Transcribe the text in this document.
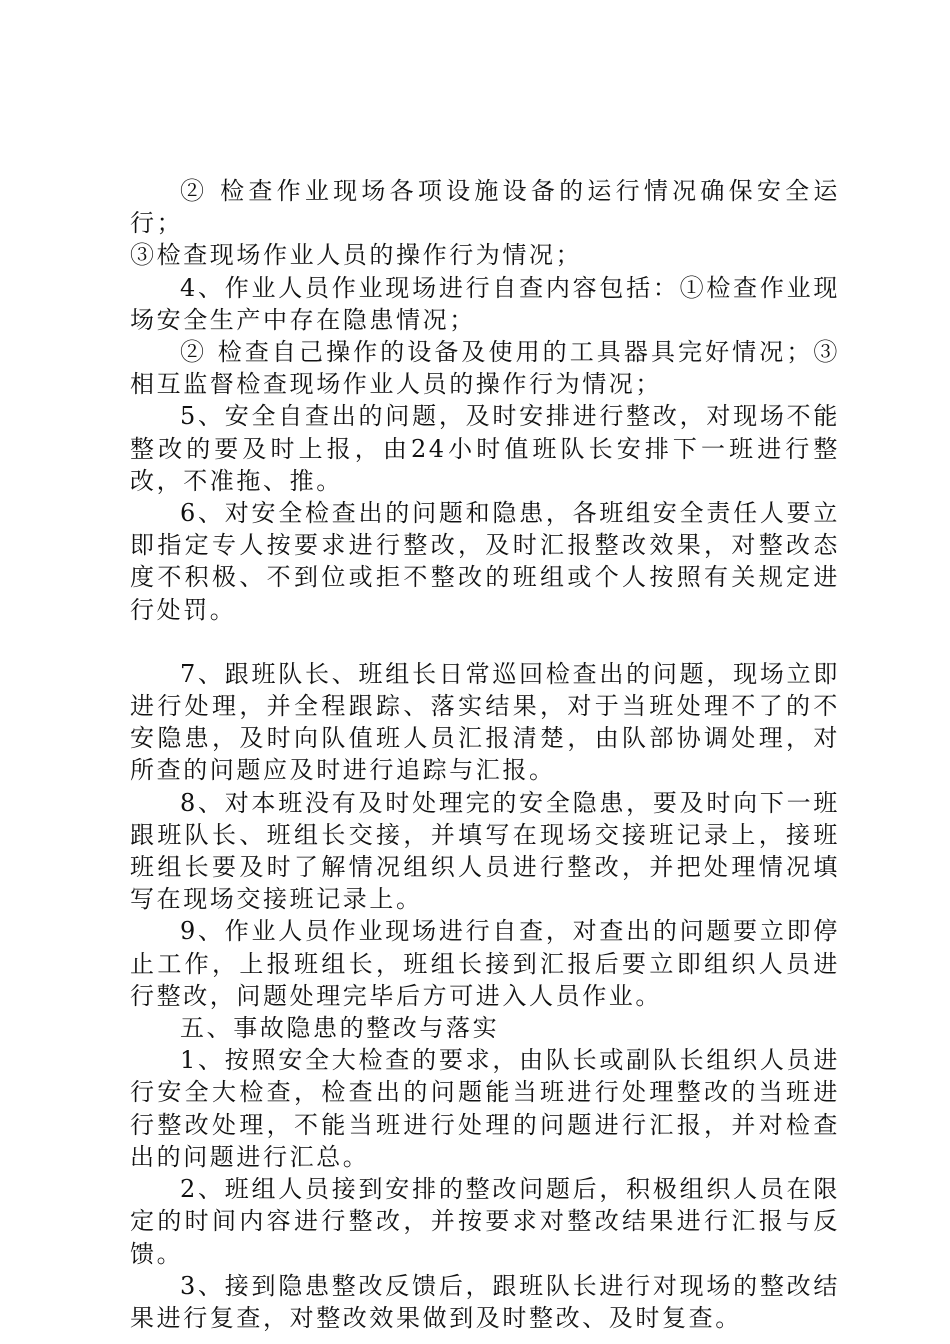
② 检查作业现场各项设施设备的运行情况确保安全运行；

③检查现场作业人员的操作行为情况；

4、作业人员作业现场进行自查内容包括：①检查作业现场安全生产中存在隐患情况；

② 检查自己操作的设备及使用的工具器具完好情况；③相互监督检查现场作业人员的操作行为情况；

5、安全自查出的问题，及时安排进行整改，对现场不能整改的要及时上报，由24小时值班队长安排下一班进行整改，不准拖、推。

6、对安全检查出的问题和隐患，各班组安全责任人要立即指定专人按要求进行整改，及时汇报整改效果，对整改态度不积极、不到位或拒不整改的班组或个人按照有关规定进行处罚。

7、跟班队长、班组长日常巡回检查出的问题，现场立即进行处理，并全程跟踪、落实结果，对于当班处理不了的不安隐患，及时向队值班人员汇报清楚，由队部协调处理，对所查的问题应及时进行追踪与汇报。

8、对本班没有及时处理完的安全隐患，要及时向下一班跟班队长、班组长交接，并填写在现场交接班记录上，接班班组长要及时了解情况组织人员进行整改，并把处理情况填写在现场交接班记录上。

9、作业人员作业现场进行自查，对查出的问题要立即停止工作，上报班组长，班组长接到汇报后要立即组织人员进行整改，问题处理完毕后方可进入人员作业。

五、事故隐患的整改与落实

1、按照安全大检查的要求，由队长或副队长组织人员进行安全大检查，检查出的问题能当班进行处理整改的当班进行整改处理，不能当班进行处理的问题进行汇报，并对检查出的问题进行汇总。

2、班组人员接到安排的整改问题后，积极组织人员在限定的时间内容进行整改，并按要求对整改结果进行汇报与反馈。

3、接到隐患整改反馈后，跟班队长进行对现场的整改结果进行复查，对整改效果做到及时整改、及时复查。
